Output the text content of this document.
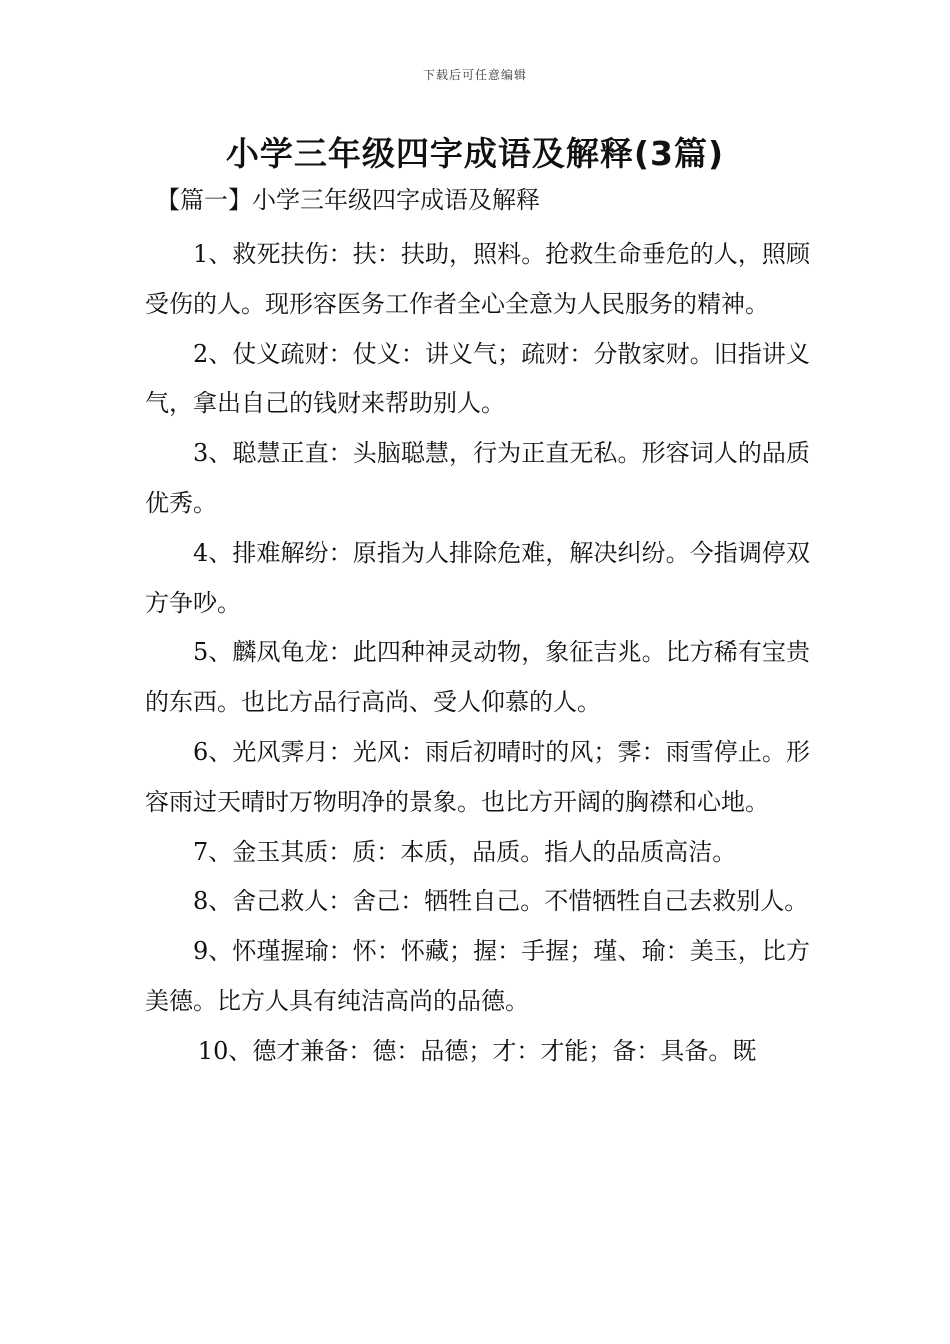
下载后可任意编辑
小学三年级四字成语及解释(3篇)
【篇一】小学三年级四字成语及解释

1、救死扶伤：扶：扶助，照料。抢救生命垂危的人，照顾受伤的人。现形容医务工作者全心全意为人民服务的精神。

2、仗义疏财：仗义：讲义气；疏财：分散家财。旧指讲义气，拿出自己的钱财来帮助别人。

3、聪慧正直：头脑聪慧，行为正直无私。形容词人的品质优秀。

4、排难解纷：原指为人排除危难，解决纠纷。今指调停双方争吵。

5、麟凤龟龙：此四种神灵动物，象征吉兆。比方稀有宝贵的东西。也比方品行高尚、受人仰慕的人。

6、光风霁月：光风：雨后初晴时的风；霁：雨雪停止。形容雨过天晴时万物明净的景象。也比方开阔的胸襟和心地。

7、金玉其质：质：本质，品质。指人的品质高洁。

8、舍己救人：舍己：牺牲自己。不惜牺牲自己去救别人。

9、怀瑾握瑜：怀：怀藏；握：手握；瑾、瑜：美玉，比方美德。比方人具有纯洁高尚的品德。

10、德才兼备：德：品德；才：才能；备：具备。既
